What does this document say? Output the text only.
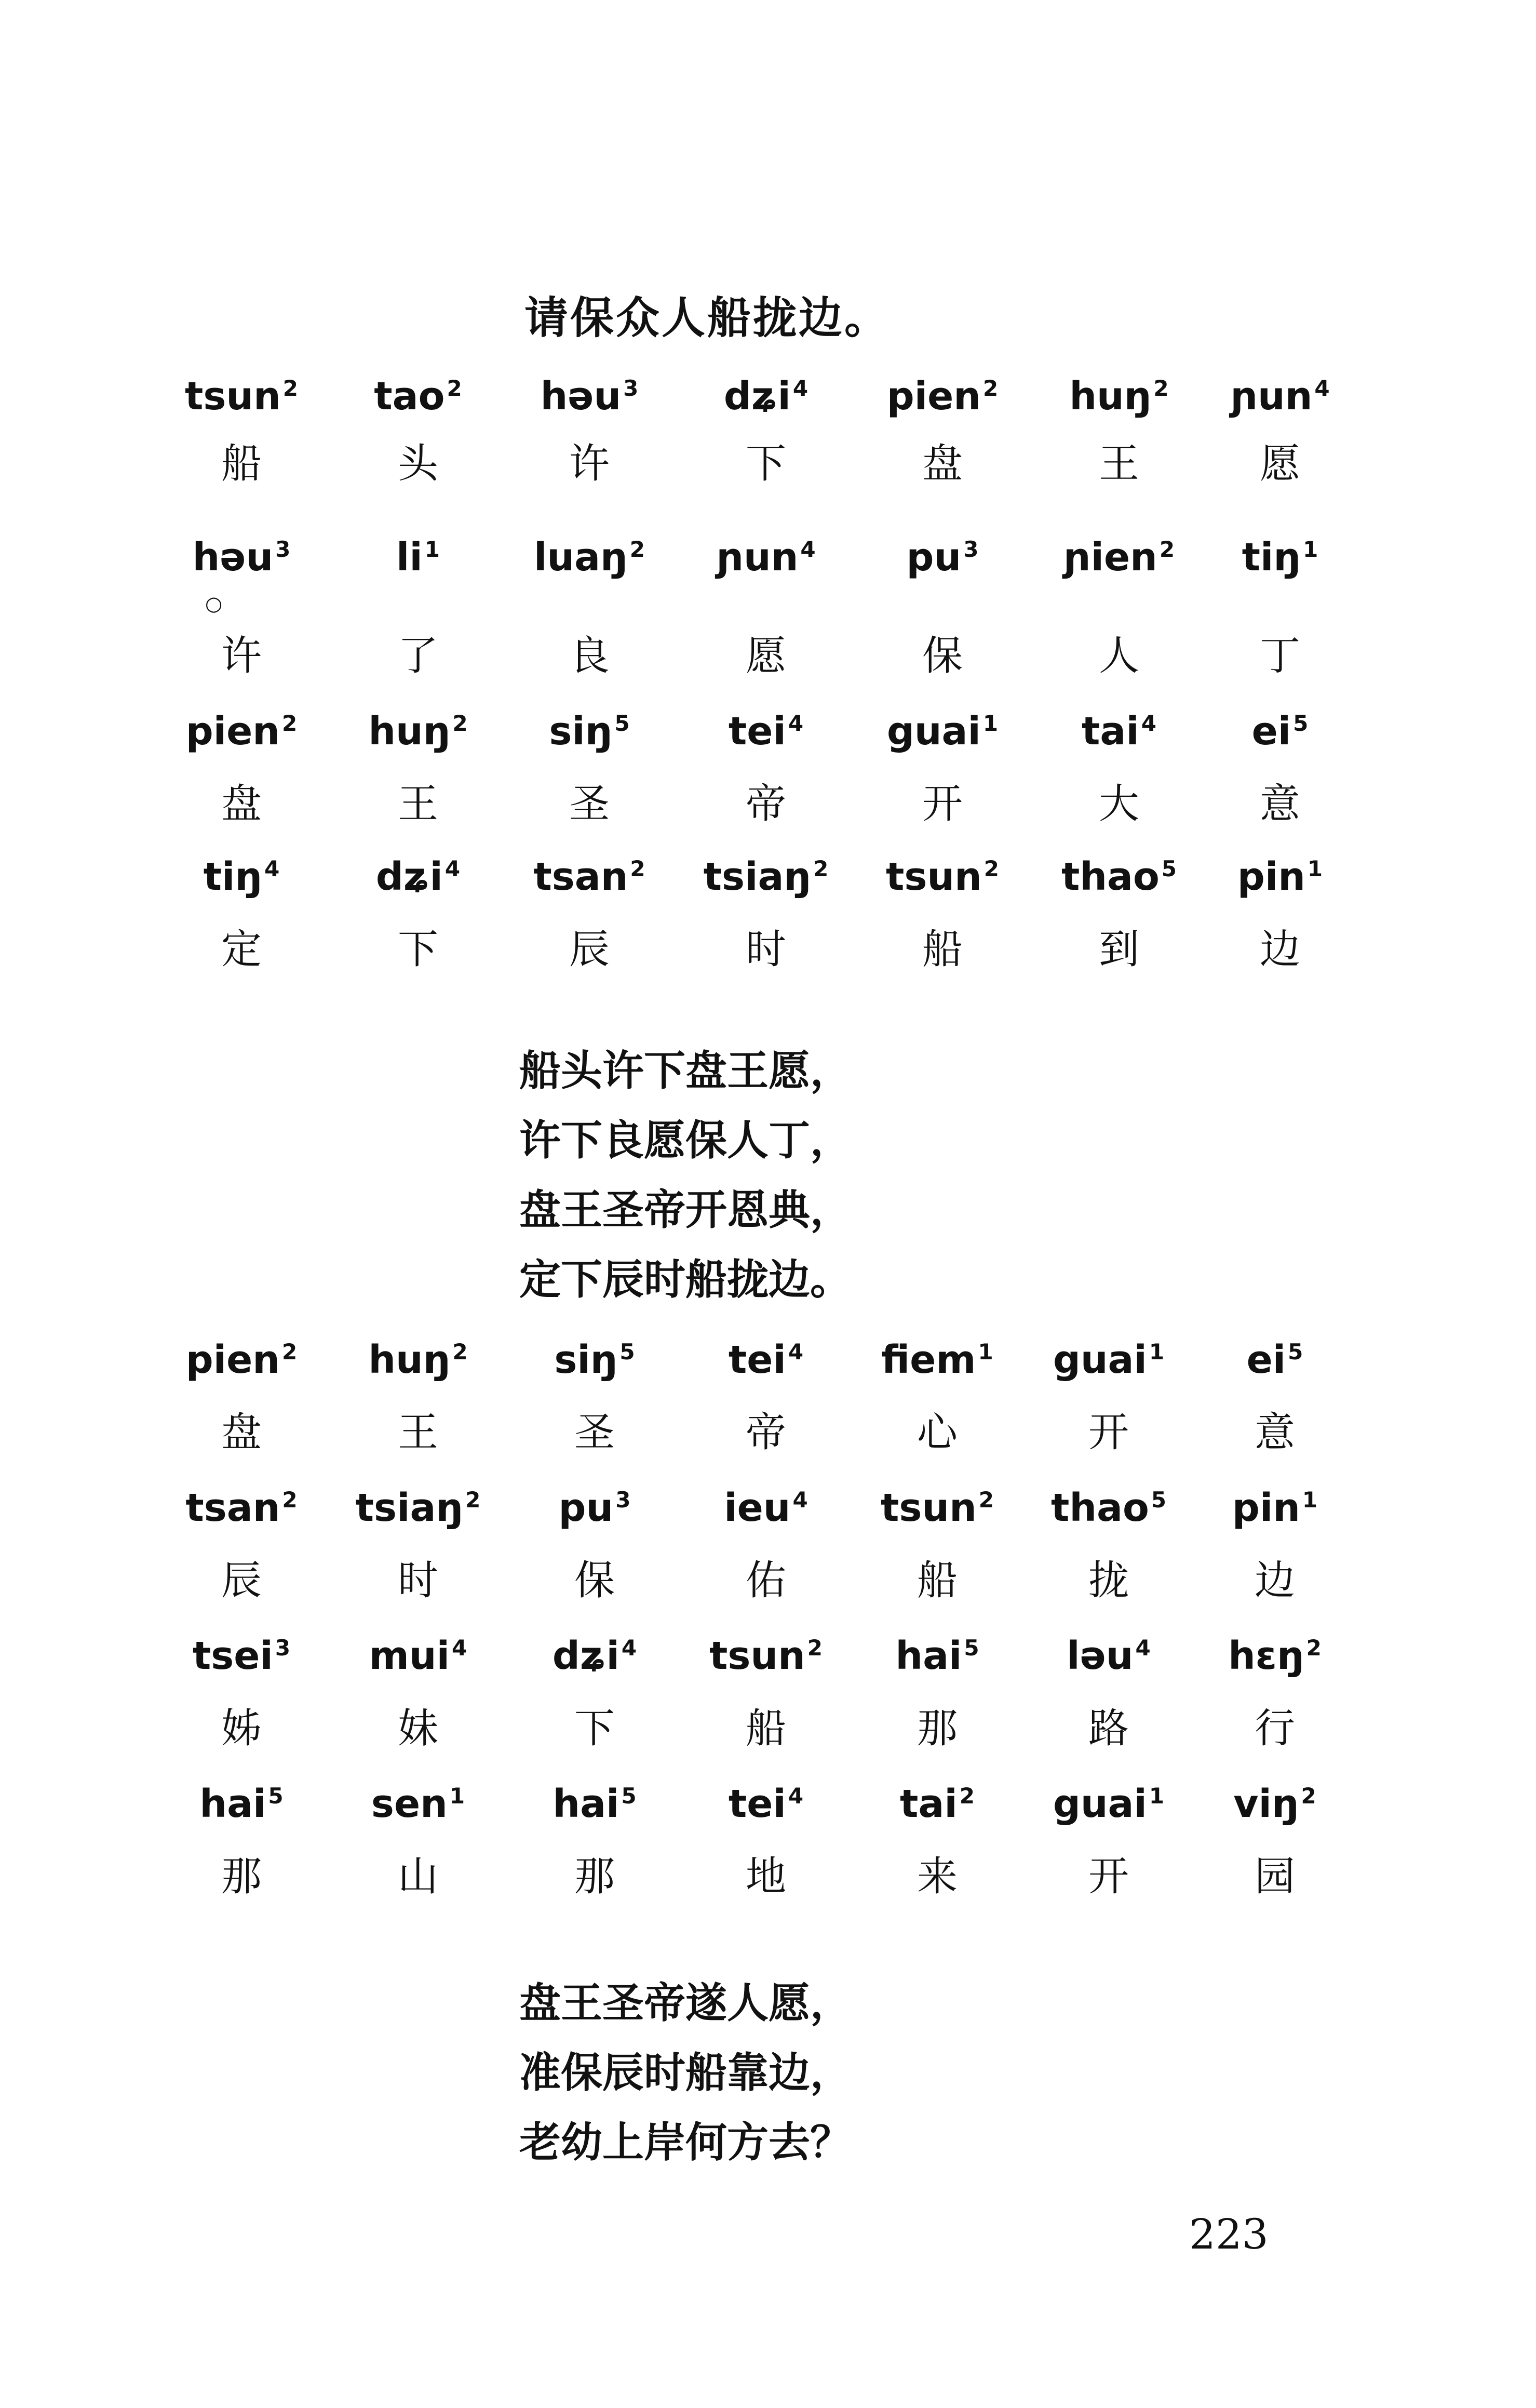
请保众人船拢边。
tsun$^2$	tao$^2$	həu$^3$	dʑi$^4$	pien$^2$	huŋ$^2$	ɲun$^4$
船	头	许	下	盘	王	愿
həu$^3$	$li^1$	luaŋ$^2$	ɲun$^4$	$pu^3$	ɲien$^2$	tiŋ$^1$
许	了	良	愿	保	人	丁
pien$^2$	huŋ$^2$	siŋ$^5$	tei$^4$	guai$^1$	tai$^4$	$ei^5$
盘	王	圣	帝	开	大	意
tiŋ$^4$	dʑi$^4$	tsan$^2$	tsiaŋ$^2$	tsun$^2$	thao$^5$	pin$^1$
定	下	辰	时	船	到	边
○
船头许下盘王愿，
许下良愿保人丁，
盘王圣帝开恩典，
定下辰时船拢边。
pien$^2$	huŋ$^2$	siŋ$^5$	tei$^4$	fiem$^1$	guai$^1$	$ei^5$
盘	王	圣	帝	心	开	意
tsan$^2$	tsiaŋ$^2$	$pu^3$	ieu$^4$	tsun$^2$	thao$^5$	pin$^1$
辰	时	保	佑	船	拢	边
tsei$^3$	mui$^4$	dʑi$^4$	tsun$^2$	hai$^5$	ləu$^4$	hɛŋ$^2$
姊	妹	下	船	那	路	行
hai$^5$	sen$^1$	hai$^5$	tei$^4$	tai$^2$	guai$^1$	viŋ$^2$
那	山	那	地	来	开	园
盘王圣帝遂人愿，
准保辰时船靠边，
老幼上岸何方去？
223
